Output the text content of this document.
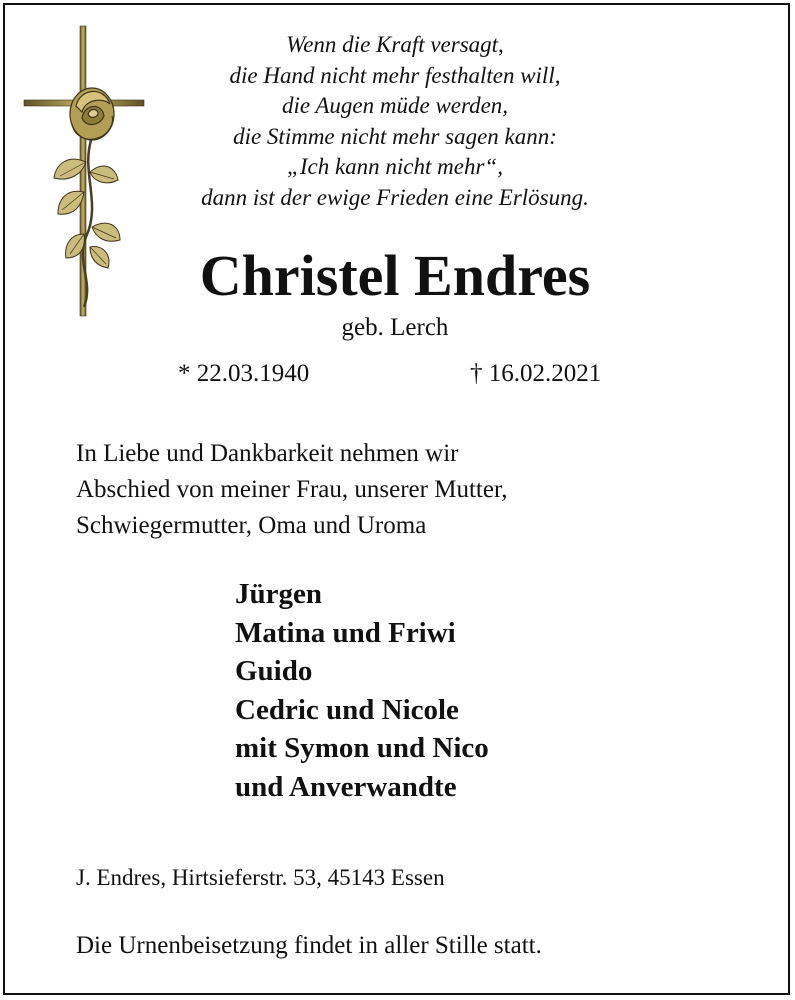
Wenn die Kraft versagt,
die Hand nicht mehr festhalten will,
die Augen müde werden,
die Stimme nicht mehr sagen kann:
„Ich kann nicht mehr“,
dann ist der ewige Frieden eine Erlösung.
Christel Endres
geb. Lerch
* 22.03.1940	† 16.02.2021
In Liebe und Dankbarkeit nehmen wir
Abschied von meiner Frau, unserer Mutter,
Schwiegermutter, Oma und Uroma
Jürgen
Matina und Friwi
Guido
Cedric und Nicole
mit Symon und Nico
und Anverwandte
J. Endres, Hirtsieferstr. 53, 45143 Essen
Die Urnenbeisetzung findet in aller Stille statt.
